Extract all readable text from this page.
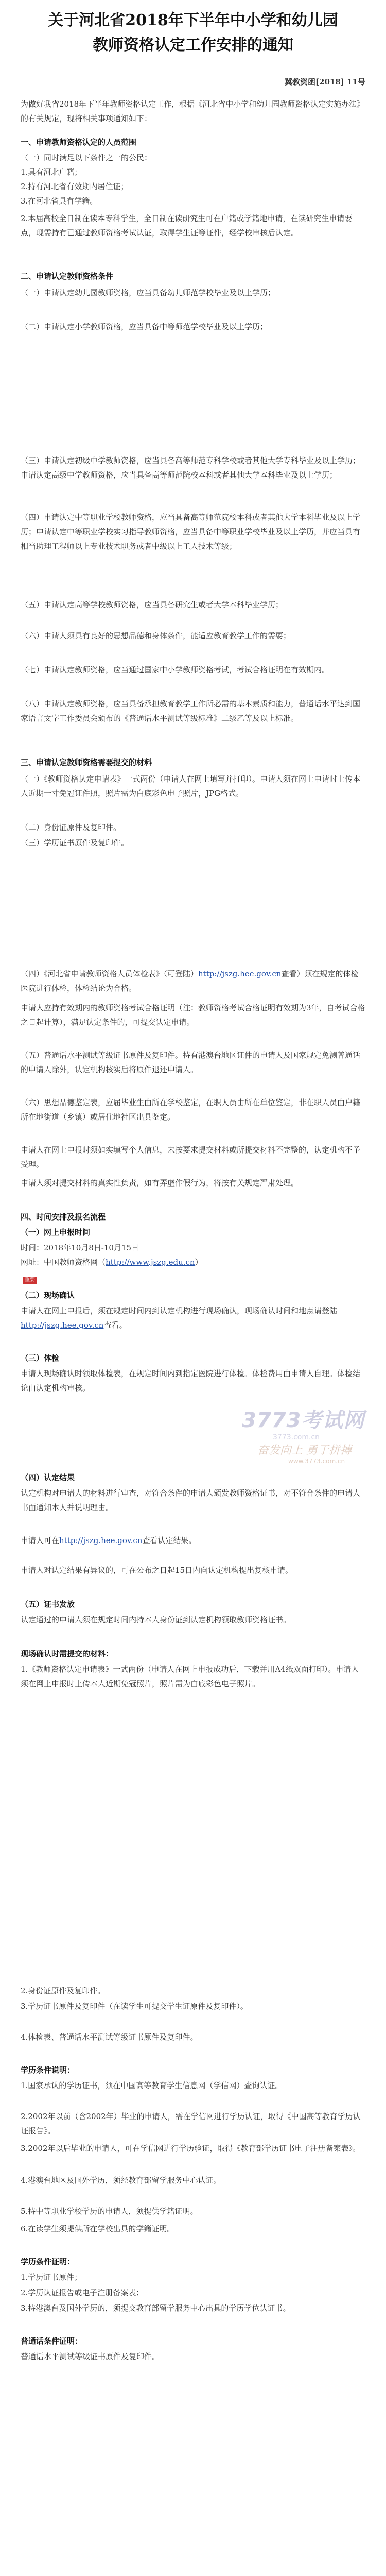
关于河北省2018年下半年中小学和幼儿园
教师资格认定工作安排的通知
冀教资函[2018] 11号
为做好我省2018年下半年教师资格认定工作，根据《河北省中小学和幼儿园教师资格认定实施办法》的有关规定，现将相关事项通知如下：
一、申请教师资格认定的人员范围
（一）同时满足以下条件之一的公民：
1.具有河北户籍；
2.持有河北省有效期内居住证；
3.在河北省具有学籍。
2.本届高校全日制在读本专科学生，全日制在读研究生可在户籍或学籍地申请，在读研究生申请要点，现需持有已通过教师资格考试认证，取得学生证等证件，经学校审核后认定。
二、申请认定教师资格条件
（一）申请认定幼儿园教师资格，应当具备幼儿师范学校毕业及以上学历；
（二）申请认定小学教师资格，应当具备中等师范学校毕业及以上学历；
（三）申请认定初级中学教师资格，应当具备高等师范专科学校或者其他大学专科毕业及以上学历；申请认定高级中学教师资格，应当具备高等师范院校本科或者其他大学本科毕业及以上学历；
（四）申请认定中等职业学校教师资格，应当具备高等师范院校本科或者其他大学本科毕业及以上学历；申请认定中等职业学校实习指导教师资格，应当具备中等职业学校毕业及以上学历，并应当具有相当助理工程师以上专业技术职务或者中级以上工人技术等级；
（五）申请认定高等学校教师资格，应当具备研究生或者大学本科毕业学历；
（六）申请人须具有良好的思想品德和身体条件，能适应教育教学工作的需要；
（七）申请认定教师资格，应当通过国家中小学教师资格考试，考试合格证明在有效期内。
（八）申请认定教师资格，应当具备承担教育教学工作所必需的基本素质和能力，普通话水平达到国家语言文字工作委员会颁布的《普通话水平测试等级标准》二级乙等及以上标准。
三、申请认定教师资格需要提交的材料
（一）《教师资格认定申请表》一式两份（申请人在网上填写并打印）。申请人须在网上申请时上传本人近期一寸免冠证件照，照片需为白底彩色电子照片，JPG格式。
（二）身份证原件及复印件。
（三）学历证书原件及复印件。
（四）《河北省申请教师资格人员体检表》（可登陆）http://jszg.hee.gov.cn查看）须在规定的体检医院进行体检，体检结论为合格。
申请人应持有效期内的教师资格考试合格证明（注：教师资格考试合格证明有效期为3年，自考试合格之日起计算），满足认定条件的，可提交认定申请。
（五）普通话水平测试等级证书原件及复印件。持有港澳台地区证件的申请人及国家规定免测普通话的申请人除外，认定机构核实后将原件退还申请人。
（六）思想品德鉴定表，应届毕业生由所在学校鉴定，在职人员由所在单位鉴定，非在职人员由户籍所在地街道（乡镇）或居住地社区出具鉴定。
申请人在网上申报时须如实填写个人信息，未按要求提交材料或所提交材料不完整的，认定机构不予受理。
申请人须对提交材料的真实性负责，如有弄虚作假行为，将按有关规定严肃处理。
四、时间安排及报名流程
（一）网上申报时间
时间：2018年10月8日-10月15日
网址：中国教师资格网（http://www.jszg.edu.cn）
重要
（二）现场确认
申请人在网上申报后，须在规定时间内到认定机构进行现场确认，现场确认时间和地点请登陆http://jszg.hee.gov.cn查看。
（三）体检
申请人现场确认时领取体检表，在规定时间内到指定医院进行体检。体检费用由申请人自理。体检结论由认定机构审核。
3773考试网
3773.com.cn
奋发向上 勇于拼搏
www.3773.com.cn
（四）认定结果
认定机构对申请人的材料进行审查，对符合条件的申请人颁发教师资格证书，对不符合条件的申请人书面通知本人并说明理由。
申请人可在http://jszg.hee.gov.cn查看认定结果。
申请人对认定结果有异议的，可在公布之日起15日内向认定机构提出复核申请。
（五）证书发放
认定通过的申请人须在规定时间内持本人身份证到认定机构领取教师资格证书。
现场确认时需提交的材料：
1.《教师资格认定申请表》一式两份（申请人在网上申报成功后，下载并用A4纸双面打印）。申请人须在网上申报时上传本人近期免冠照片，照片需为白底彩色电子照片。
2.身份证原件及复印件。
3.学历证书原件及复印件（在读学生可提交学生证原件及复印件）。
4.体检表、普通话水平测试等级证书原件及复印件。
学历条件说明：
1.国家承认的学历证书，须在中国高等教育学生信息网（学信网）查询认证。
2.2002年以前（含2002年）毕业的申请人，需在学信网进行学历认证，取得《中国高等教育学历认证报告》。
3.2002年以后毕业的申请人，可在学信网进行学历验证，取得《教育部学历证书电子注册备案表》。
4.港澳台地区及国外学历，须经教育部留学服务中心认证。
5.持中等职业学校学历的申请人，须提供学籍证明。
6.在读学生须提供所在学校出具的学籍证明。
学历条件证明：
1.学历证书原件；
2.学历认证报告或电子注册备案表；
3.持港澳台及国外学历的，须提交教育部留学服务中心出具的学历学位认证书。
普通话条件证明：
普通话水平测试等级证书原件及复印件。
